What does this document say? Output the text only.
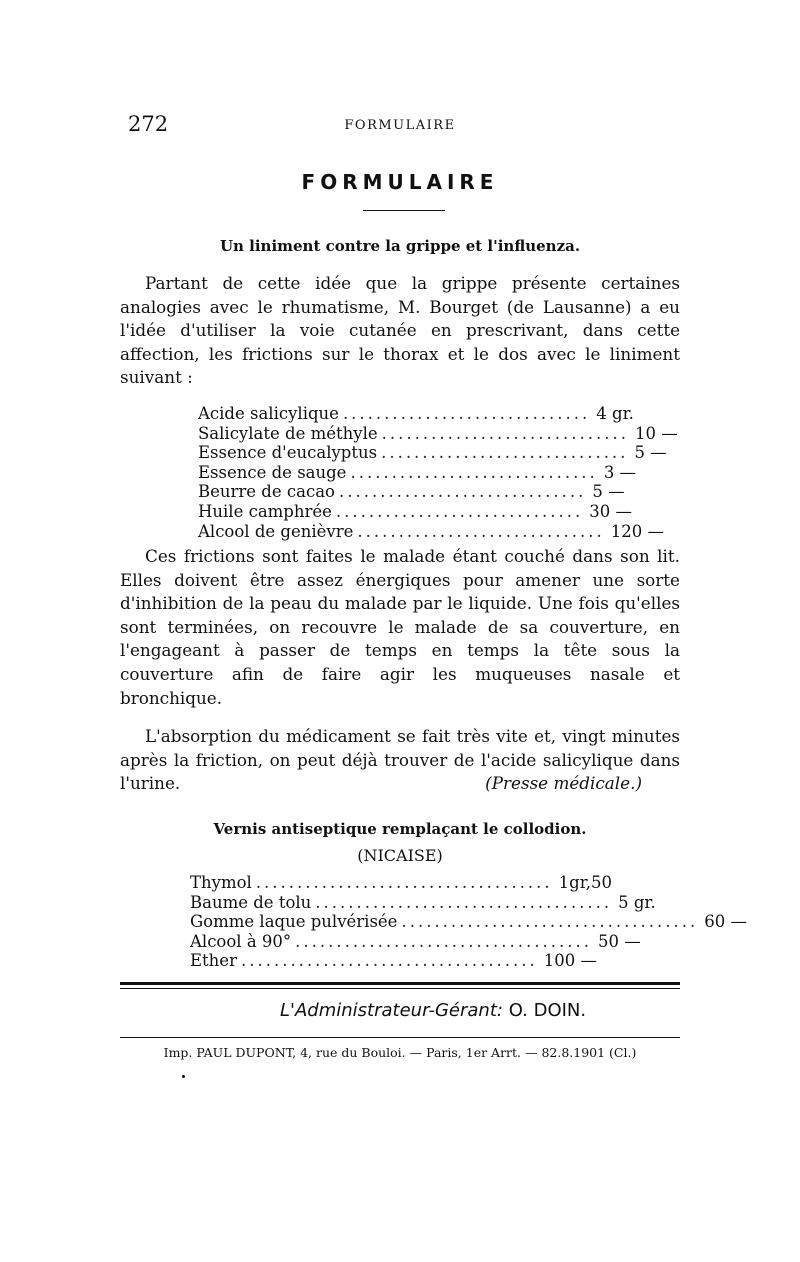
272	FORMULAIRE
FORMULAIRE
Un liniment contre la grippe et l'influenza.
Partant de cette idée que la grippe présente certaines analogies avec le rhumatisme, M. Bourget (de Lausanne) a eu l'idée d'utiliser la voie cutanée en prescrivant, dans cette affection, les frictions sur le thorax et le dos avec le liniment suivant :
Acide salicylique .............................. 4 gr.
Salicylate de méthyle .............................. 10 —
Essence d'eucalyptus .............................. 5 —
Essence de sauge .............................. 3 —
Beurre de cacao .............................. 5 —
Huile camphrée .............................. 30 —
Alcool de genièvre .............................. 120 —
Ces frictions sont faites le malade étant couché dans son lit. Elles doivent être assez énergiques pour amener une sorte d'inhibition de la peau du malade par le liquide. Une fois qu'elles sont terminées, on recouvre le malade de sa couverture, en l'engageant à passer de temps en temps la tête sous la couverture afin de faire agir les muqueuses nasale et bronchique.
L'absorption du médicament se fait très vite et, vingt minutes après la friction, on peut déjà trouver de l'acide salicylique dans l'urine.	(Presse médicale.)
Vernis antiseptique remplaçant le collodion.
(NICAISE)
Thymol .................................... 1gr,50
Baume de tolu .................................... 5 gr.
Gomme laque pulvérisée .................................... 60 —
Alcool à 90° .................................... 50 —
Ether .................................... 100 —
L'Administrateur-Gérant: O. DOIN.
Imp. PAUL DUPONT, 4, rue du Bouloi. — Paris, 1er Arrt. — 82.8.1901 (Cl.)
